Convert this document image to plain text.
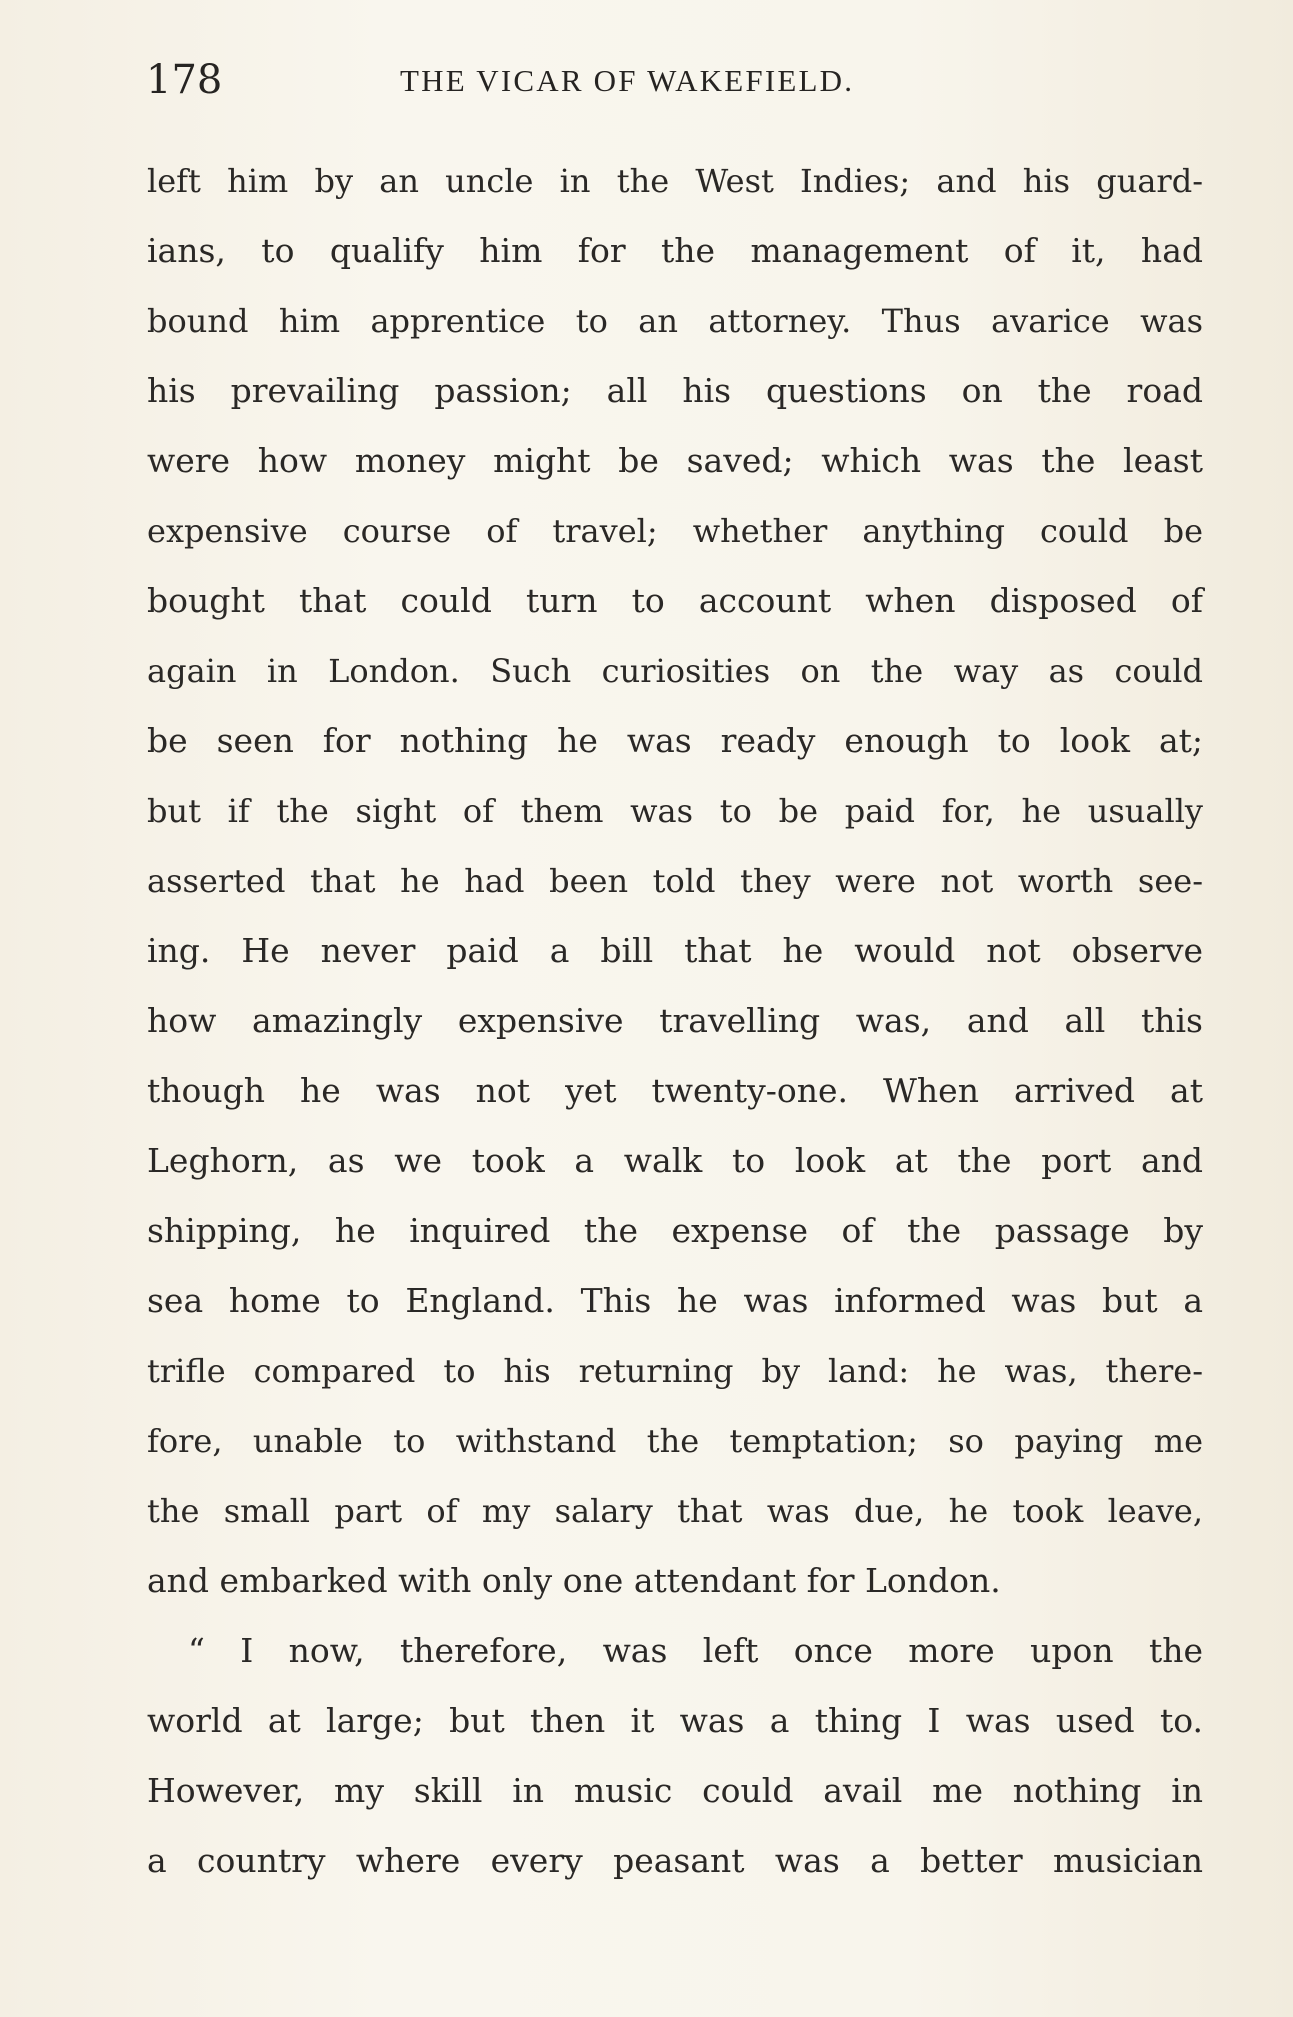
178	THE VICAR OF WAKEFIELD.
left him by an uncle in the West Indies; and his guard-
ians, to qualify him for the management of it, had
bound him apprentice to an attorney. Thus avarice was
his prevailing passion; all his questions on the road
were how money might be saved; which was the least
expensive course of travel; whether anything could be
bought that could turn to account when disposed of
again in London. Such curiosities on the way as could
be seen for nothing he was ready enough to look at;
but if the sight of them was to be paid for, he usually
asserted that he had been told they were not worth see-
ing. He never paid a bill that he would not observe
how amazingly expensive travelling was, and all this
though he was not yet twenty-one. When arrived at
Leghorn, as we took a walk to look at the port and
shipping, he inquired the expense of the passage by
sea home to England. This he was informed was but a
trifle compared to his returning by land: he was, there-
fore, unable to withstand the temptation; so paying me
the small part of my salary that was due, he took leave,
and embarked with only one attendant for London.
“ I now, therefore, was left once more upon the
world at large; but then it was a thing I was used to.
However, my skill in music could avail me nothing in
a country where every peasant was a better musician
